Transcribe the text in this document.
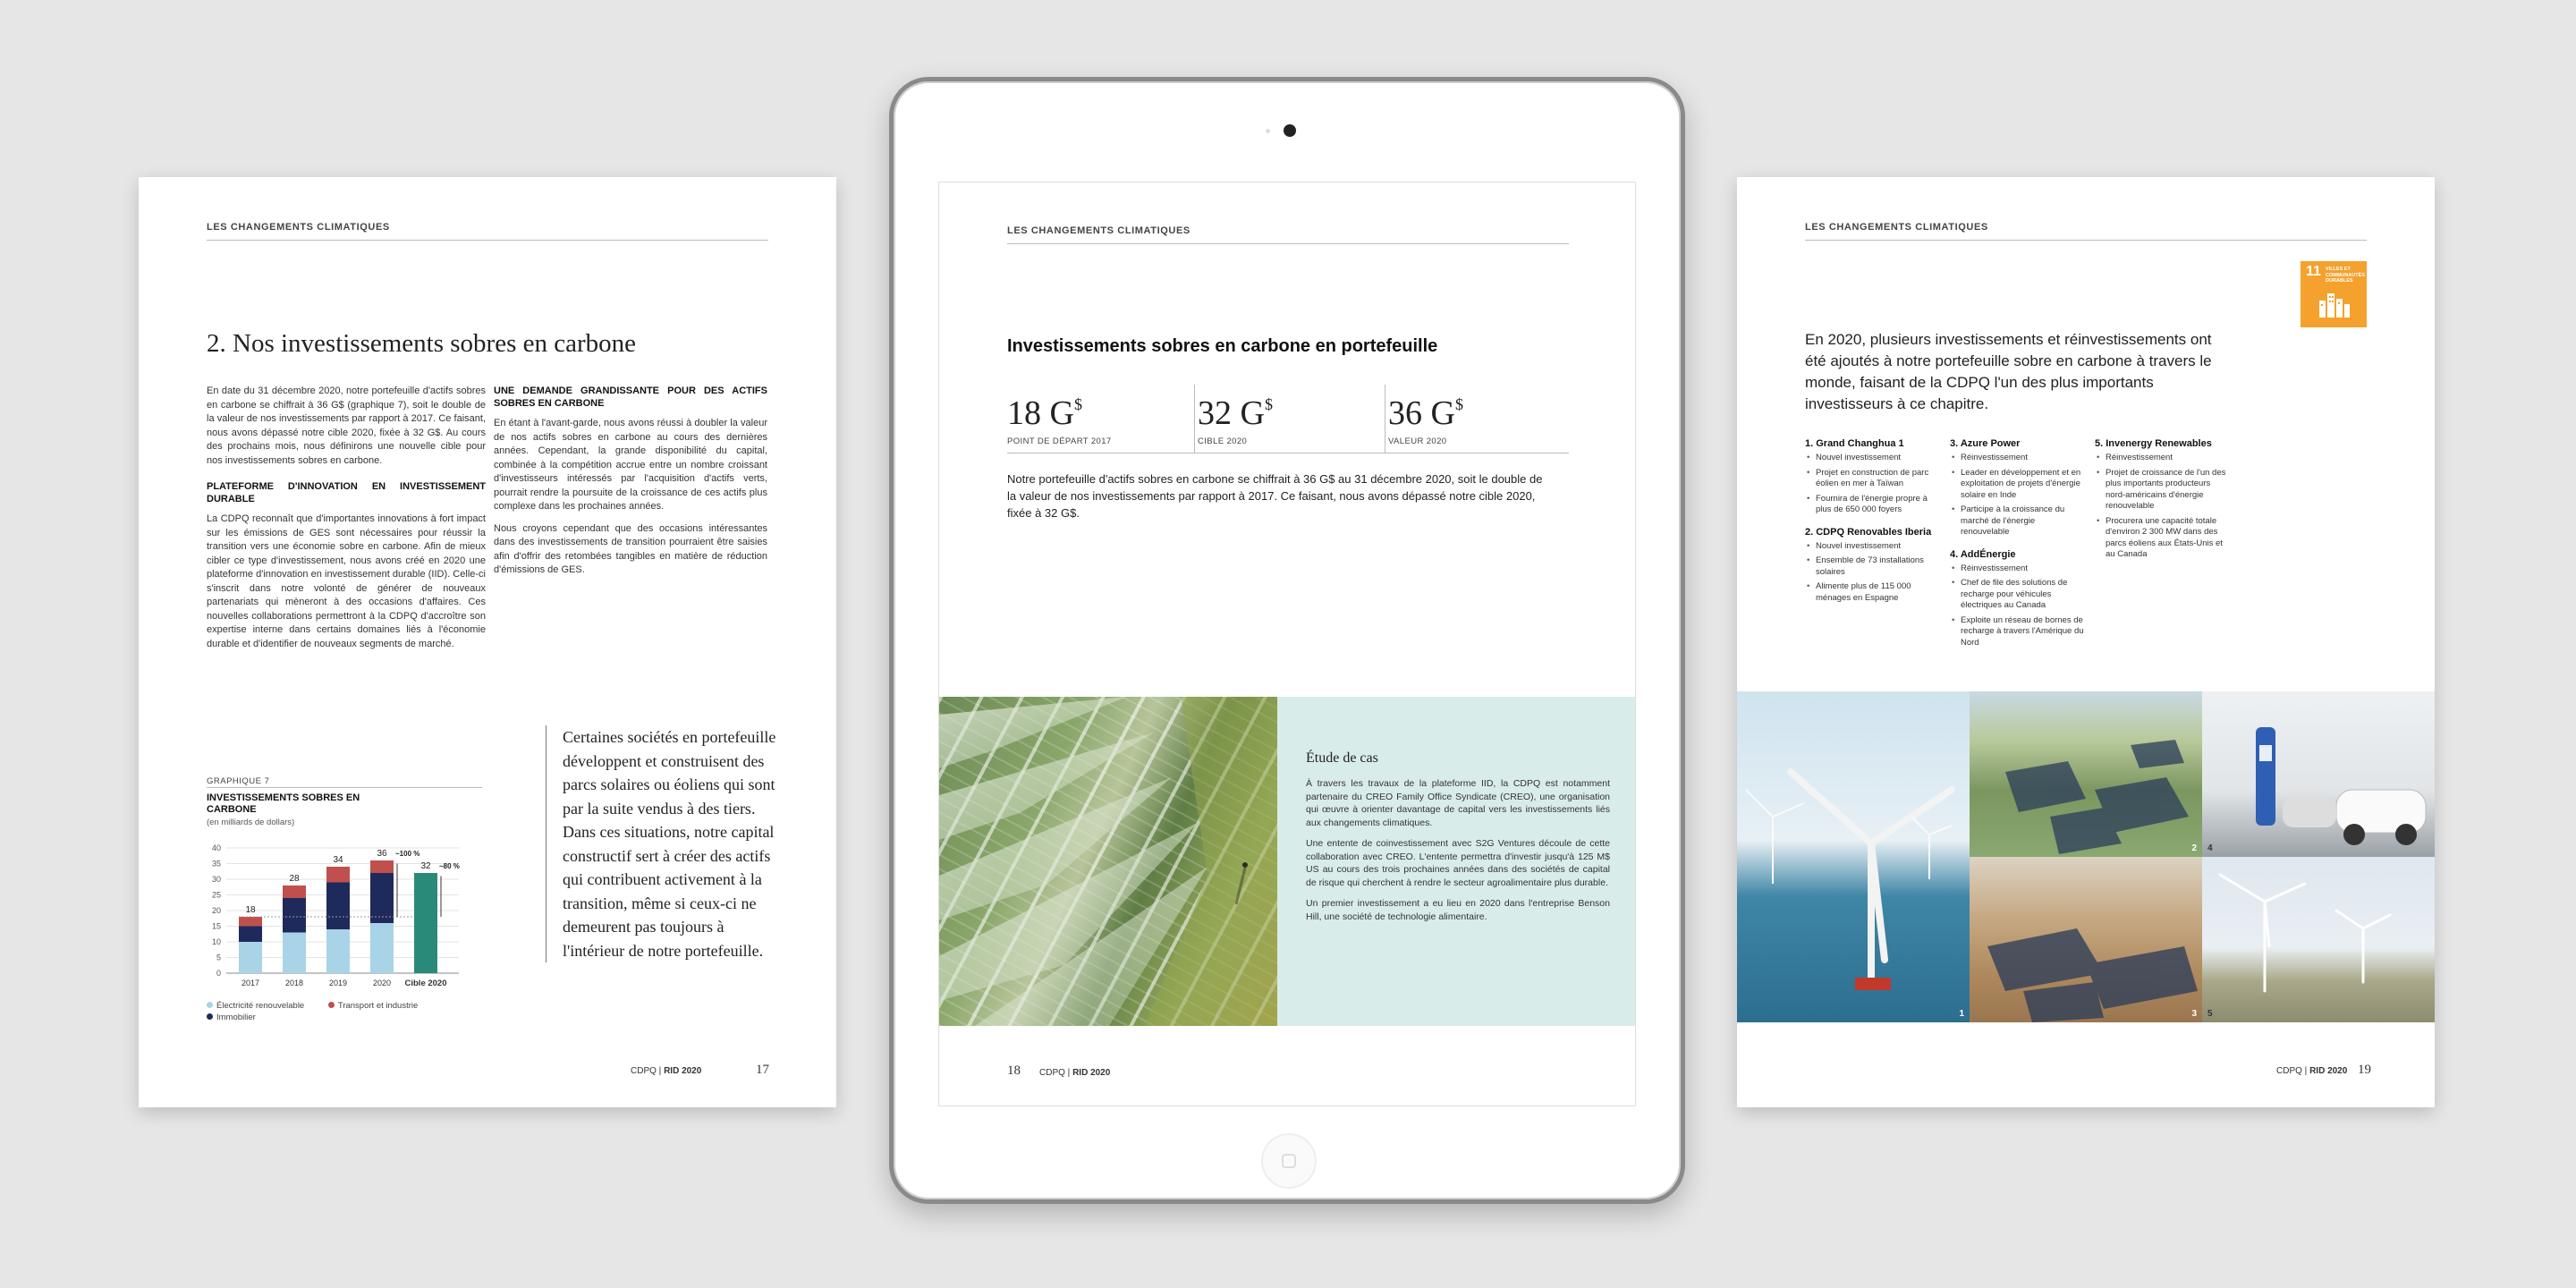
LES CHANGEMENTS CLIMATIQUES
2. Nos investissements sobres en carbone

En date du 31 décembre 2020, notre portefeuille d'actifs sobres en carbone se chiffrait à 36 G$ (graphique 7), soit le double de la valeur de nos investissements par rapport à 2017. Ce faisant, nous avons dépassé notre cible 2020, fixée à 32 G$. Au cours des prochains mois, nous définirons une nouvelle cible pour nos investissements sobres en carbone.

PLATEFORME D'INNOVATION EN INVESTISSEMENT DURABLE

La CDPQ reconnaît que d'importantes innovations à fort impact sur les émissions de GES sont nécessaires pour réussir la transition vers une économie sobre en carbone. Afin de mieux cibler ce type d'investissement, nous avons créé en 2020 une plateforme d'innovation en investissement durable (IID). Celle-ci s'inscrit dans notre volonté de générer de nouveaux partenariats qui mèneront à des occasions d'affaires. Ces nouvelles collaborations permettront à la CDPQ d'accroître son expertise interne dans certains domaines liés à l'économie durable et d'identifier de nouveaux segments de marché.

UNE DEMANDE GRANDISSANTE POUR DES ACTIFS SOBRES EN CARBONE

En étant à l'avant-garde, nous avons réussi à doubler la valeur de nos actifs sobres en carbone au cours des dernières années. Cependant, la grande disponibilité du capital, combinée à la compétition accrue entre un nombre croissant d'investisseurs intéressés par l'acquisition d'actifs verts, pourrait rendre la poursuite de la croissance de ces actifs plus complexe dans les prochaines années.

Nous croyons cependant que des occasions intéressantes dans des investissements de transition pourraient être saisies afin d'offrir des retombées tangibles en matière de réduction d'émissions de GES.

GRAPHIQUE 7
INVESTISSEMENTS SOBRES EN CARBONE
(en milliards de dollars)
0
5
10
15
20
25
30
35
40
2017	2018	2019	2020 Cible 2020
18
28
34
36
32
~100 %
~80 %
Électricité renouvelable	Transport et industrie
Immobilier
Certaines sociétés en portefeuille développent et construisent des parcs solaires ou éoliens qui sont par la suite vendus à des tiers. Dans ces situations, notre capital constructif sert à créer des actifs qui contribuent activement à la transition, même si ceux-ci ne demeurent pas toujours à l'intérieur de notre portefeuille.
CDPQ | RID 2020	17
LES CHANGEMENTS CLIMATIQUES
Investissements sobres en carbone en portefeuille
18 G$
POINT DE DÉPART 2017
32 G$
CIBLE 2020
36 G$
VALEUR 2020
Notre portefeuille d'actifs sobres en carbone se chiffrait à 36 G$ au 31 décembre 2020, soit le double de la valeur de nos investissements par rapport à 2017. Ce faisant, nous avons dépassé notre cible 2020, fixée à 32 G$.
Étude de cas

À travers les travaux de la plateforme IID, la CDPQ est notamment partenaire du CREO Family Office Syndicate (CREO), une organisation qui œuvre à orienter davantage de capital vers les investissements liés aux changements climatiques.

Une entente de coinvestissement avec S2G Ventures découle de cette collaboration avec CREO. L'entente permettra d'investir jusqu'à 125 M$ US au cours des trois prochaines années dans des sociétés de capital de risque qui cherchent à rendre le secteur agroalimentaire plus durable.

Un premier investissement a eu lieu en 2020 dans l'entreprise Benson Hill, une société de technologie alimentaire.

18 CDPQ | RID 2020
LES CHANGEMENTS CLIMATIQUES
11 VILLES ET COMMUNAUTÉS DURABLES
En 2020, plusieurs investissements et réinvestissements ont été ajoutés à notre portefeuille sobre en carbone à travers le monde, faisant de la CDPQ l'un des plus importants investisseurs à ce chapitre.
1. Grand Changhua 1
• Nouvel investissement
• Projet en construction de parc éolien en mer à Taïwan
• Fournira de l'énergie propre à plus de 650 000 foyers
2. CDPQ Renovables Iberia
• Nouvel investissement
• Ensemble de 73 installations solaires
• Alimente plus de 115 000 ménages en Espagne
3. Azure Power
• Réinvestissement
• Leader en développement et en exploitation de projets d'énergie solaire en Inde
• Participe à la croissance du marché de l'énergie renouvelable
4. AddÉnergie
• Réinvestissement
• Chef de file des solutions de recharge pour véhicules électriques au Canada
• Exploite un réseau de bornes de recharge à travers l'Amérique du Nord
5. Invenergy Renewables
• Réinvestissement
• Projet de croissance de l'un des plus importants producteurs nord-américains d'énergie renouvelable
• Procurera une capacité totale d'environ 2 300 MW dans des parcs éoliens aux États-Unis et au Canada
1
2
3
4
5
CDPQ | RID 2020 19
